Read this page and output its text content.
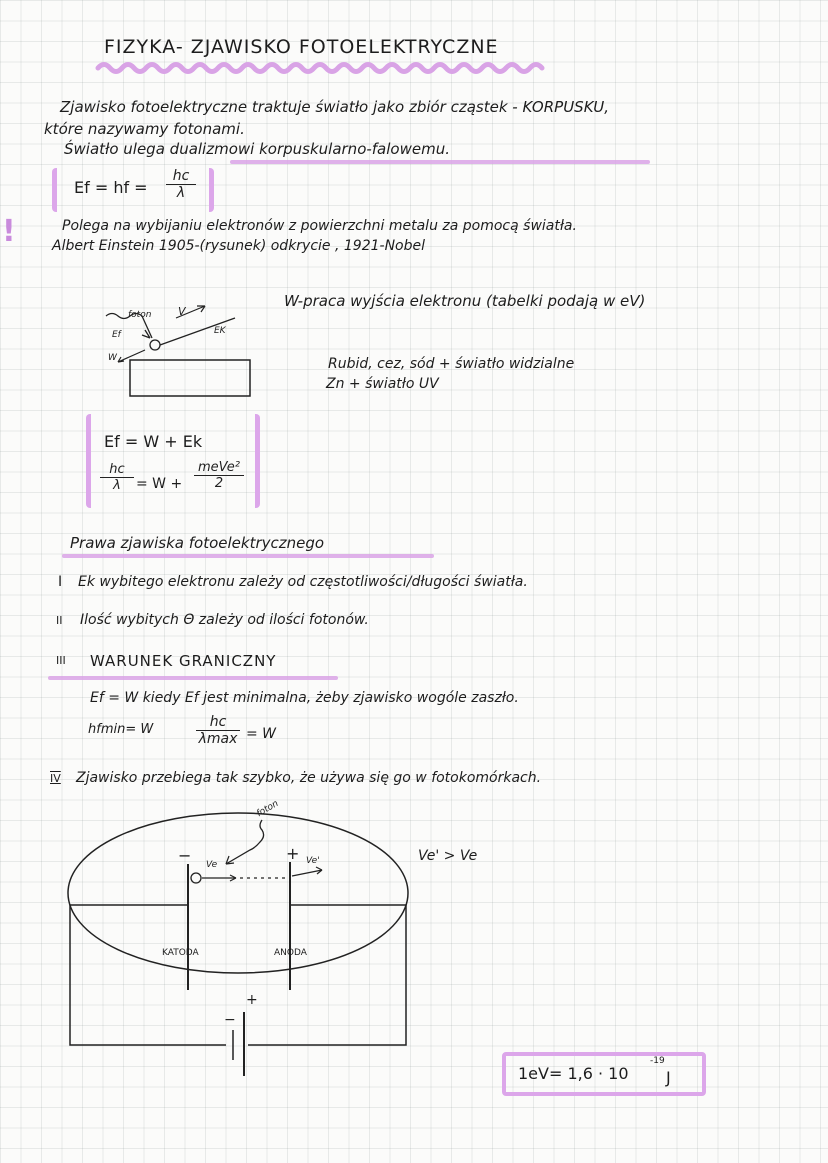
FIZYKA- ZJAWISKO FOTOELEKTRYCZNE
Zjawisko fotoelektryczne traktuje światło jako zbiór cząstek - KORPUSKU,
które nazywamy fotonami.
Światło ulega dualizmowi korpuskularno-falowemu.
Ef = hf = $\frac{hc}{\lambda}$
!	Polega na wybijaniu elektronów z powierzchni metalu za pomocą światła.
Albert Einstein 1905-(rysunek) odkrycie , 1921-Nobel
foton
Ef
W
V
EK
W-praca wyjścia elektronu (tabelki podają w eV)
Rubid, cez, sód + światło widzialne
Zn + światło UV
Ef = W + Ek
$\frac{hc}{\lambda} = W$ +
meVe²
2
Prawa zjawiska fotoelektrycznego
I Ek wybitego elektronu zależy od częstotliwości/długości światła.
II Ilość wybitych Θ zależy od ilości fotonów.
III WARUNEK GRANICZNY
Ef = W kiedy Ef jest minimalna, żeby zjawisko wogóle zaszło.
hfmin= W	hc
λmax = W
IV Zjawisko przebiega tak szybko, że używa się go w fotokomórkach.
foton
−	+
Ve	Ve'
KATODA	ANODA
+
−
Ve' > Ve
1eV= 1,6 · 10
-19
J
